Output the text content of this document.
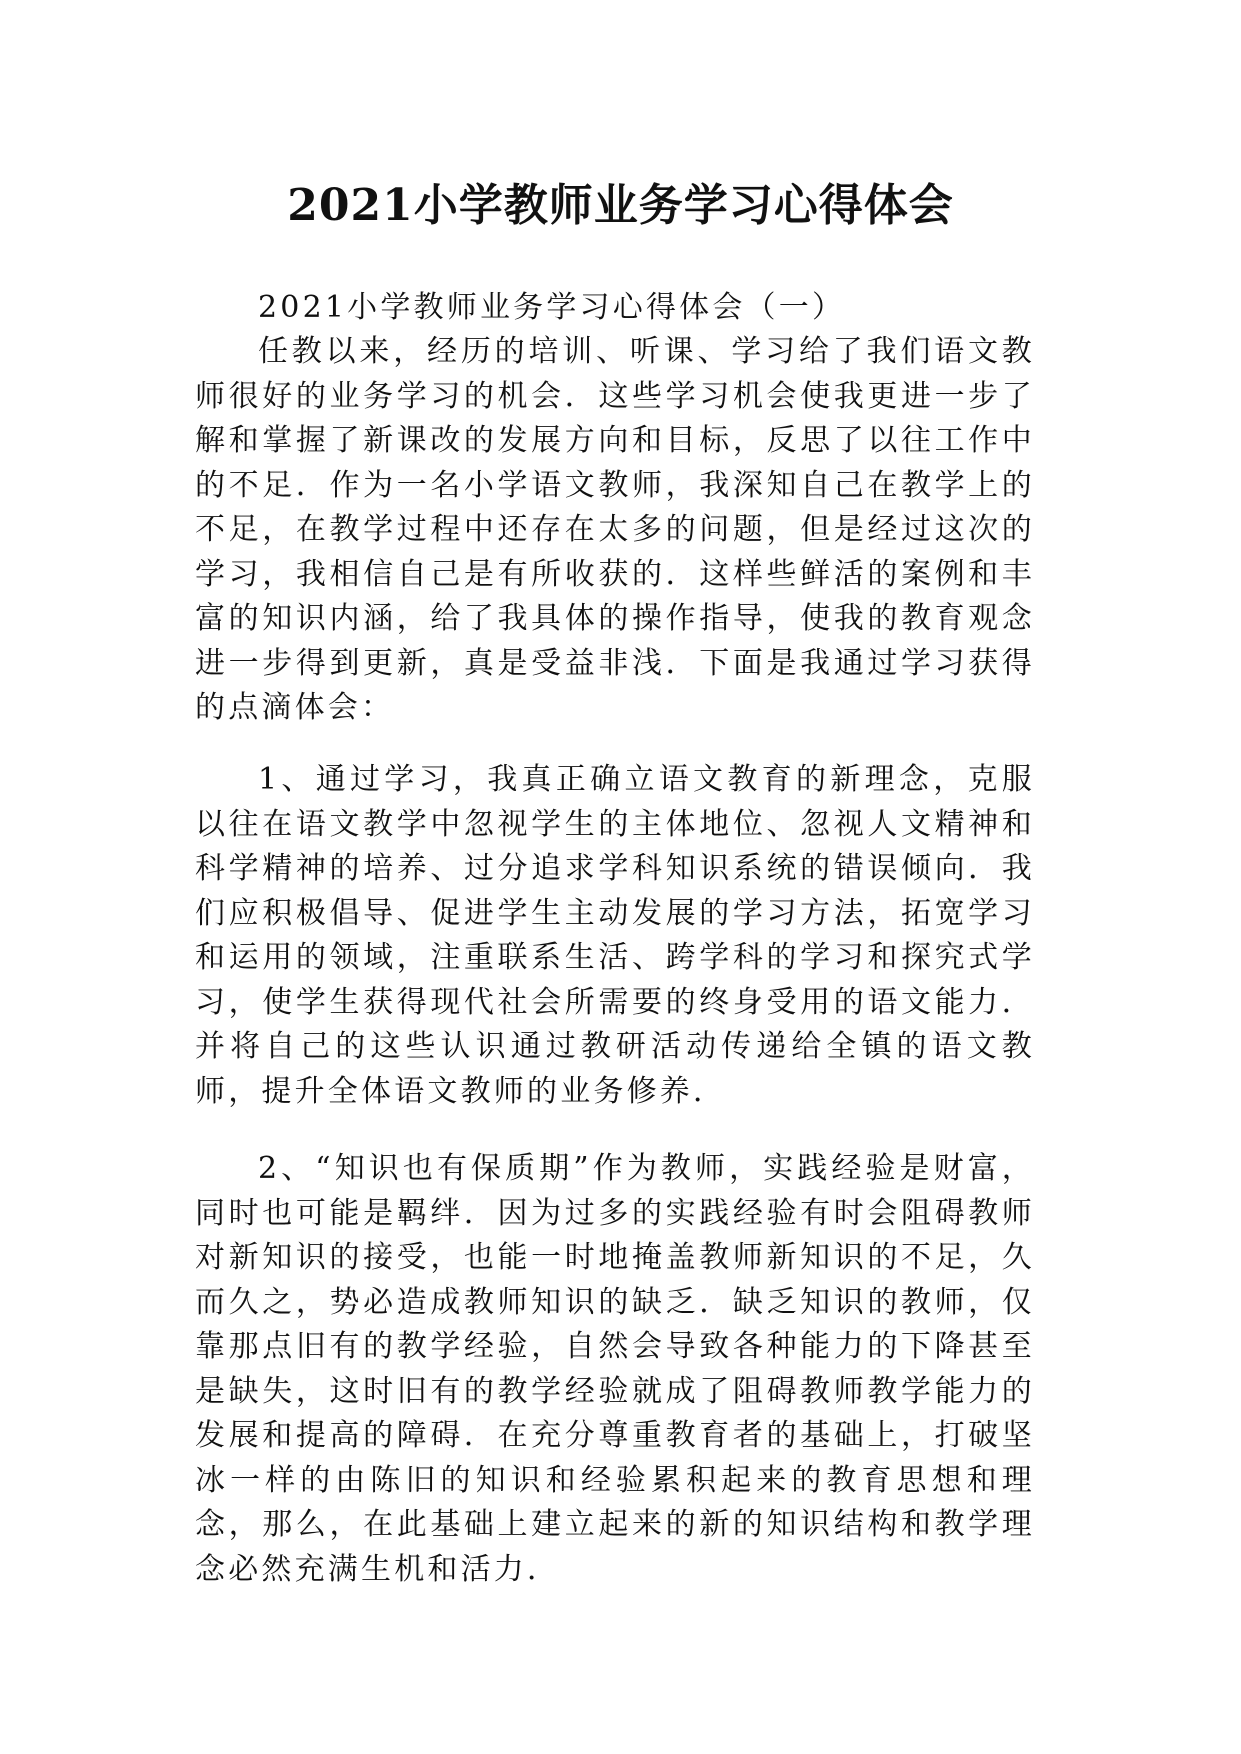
2021小学教师业务学习心得体会

2021小学教师业务学习心得体会（一）

任教以来，经历的培训、听课、学习给了我们语文教师很好的业务学习的机会．这些学习机会使我更进一步了解和掌握了新课改的发展方向和目标，反思了以往工作中的不足．作为一名小学语文教师，我深知自己在教学上的不足，在教学过程中还存在太多的问题，但是经过这次的学习，我相信自己是有所收获的．这样些鲜活的案例和丰富的知识内涵，给了我具体的操作指导，使我的教育观念进一步得到更新，真是受益非浅．下面是我通过学习获得的点滴体会：

1、通过学习，我真正确立语文教育的新理念，克服以往在语文教学中忽视学生的主体地位、忽视人文精神和科学精神的培养、过分追求学科知识系统的错误倾向．我们应积极倡导、促进学生主动发展的学习方法，拓宽学习和运用的领域，注重联系生活、跨学科的学习和探究式学习，使学生获得现代社会所需要的终身受用的语文能力．并将自己的这些认识通过教研活动传递给全镇的语文教师，提升全体语文教师的业务修养．

2、“知识也有保质期”作为教师，实践经验是财富，同时也可能是羁绊．因为过多的实践经验有时会阻碍教师对新知识的接受，也能一时地掩盖教师新知识的不足，久而久之，势必造成教师知识的缺乏．缺乏知识的教师，仅靠那点旧有的教学经验，自然会导致各种能力的下降甚至是缺失，这时旧有的教学经验就成了阻碍教师教学能力的发展和提高的障碍．在充分尊重教育者的基础上，打破坚冰一样的由陈旧的知识和经验累积起来的教育思想和理念，那么，在此基础上建立起来的新的知识结构和教学理念必然充满生机和活力．
